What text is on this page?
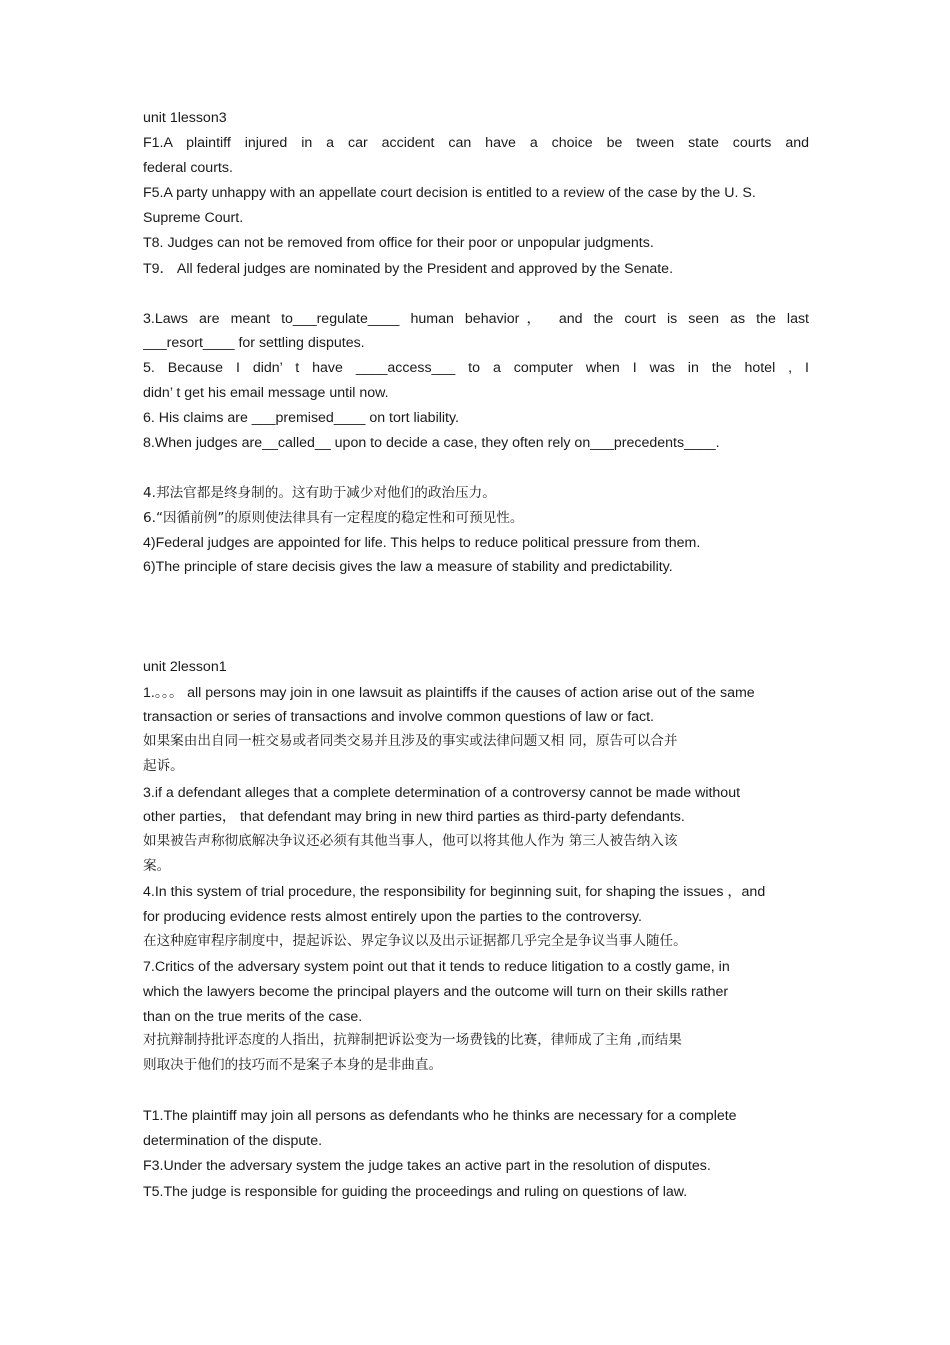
unit 1lesson3
F1.A plaintiff injured in a car accident can have a choice be tween state courts and
federal courts.
F5.A party unhappy with an appellate court decision is entitled to a review of the case by the U. S.
Supreme Court.
T8. Judges can not be removed from office for their poor or unpopular judgments.
T9． All federal judges are nominated by the President and approved by the Senate.
3.Laws are meant to___regulate____ human behavior， and the court is seen as the last
___resort____ for settling disputes.
5. Because I didn’ t have ____access___ to a computer when I was in the hotel , I
didn’ t get his email message until now.
6. His claims are ___premised____ on tort liability.
8.When judges are__called__ upon to decide a case, they often rely on___precedents____.
4.邦法官都是终身制的。这有助于减少对他们的政治压力。
6.“因循前例”的原则使法律具有一定程度的稳定性和可预见性。
4)Federal judges are appointed for life. This helps to reduce political pressure from them.
6)The principle of stare decisis gives the law a measure of stability and predictability.
unit 2lesson1
1.。。。 all persons may join in one lawsuit as plaintiffs if the causes of action arise out of the same
transaction or series of transactions and involve common questions of law or fact.
如果案由出自同一桩交易或者同类交易并且涉及的事实或法律问题又相 同，原告可以合并
起诉。
3.if a defendant alleges that a complete determination of a controversy cannot be made without
other parties， that defendant may bring in new third parties as third-party defendants.
如果被告声称彻底解决争议还必须有其他当事人，他可以将其他人作为 第三人被告纳入该
案。
4.In this system of trial procedure, the responsibility for beginning suit, for shaping the issues ，and
for producing evidence rests almost entirely upon the parties to the controversy.
在这种庭审程序制度中，提起诉讼、界定争议以及出示证据都几乎完全是争议当事人随任。
7.Critics of the adversary system point out that it tends to reduce litigation to a costly game, in
which the lawyers become the principal players and the outcome will turn on their skills rather
than on the true merits of the case.
对抗辩制持批评态度的人指出，抗辩制把诉讼变为一场费钱的比赛，律师成了主角 ,而结果
则取决于他们的技巧而不是案子本身的是非曲直。
T1.The plaintiff may join all persons as defendants who he thinks are necessary for a complete
determination of the dispute.
F3.Under the adversary system the judge takes an active part in the resolution of disputes.
T5.The judge is responsible for guiding the proceedings and ruling on questions of law.
